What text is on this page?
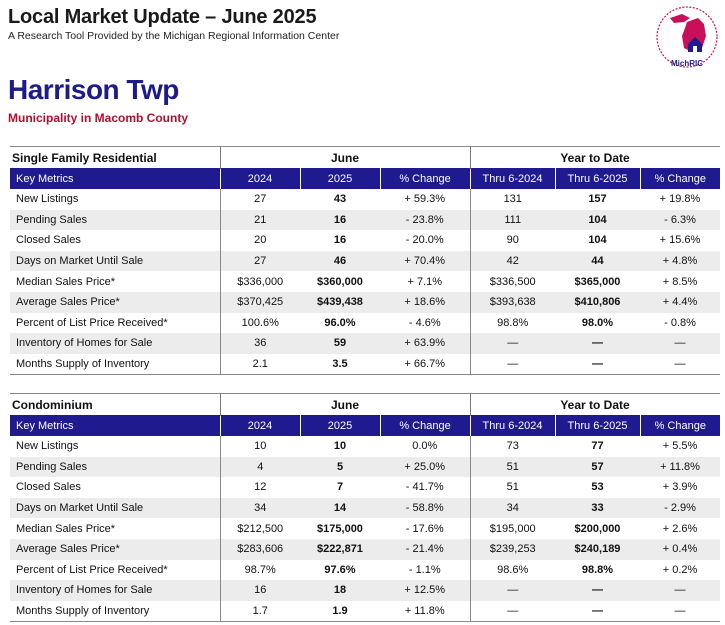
Local Market Update – June 2025
A Research Tool Provided by the Michigan Regional Information Center
MichRIC
Harrison Twp
Municipality in Macomb County
Single Family Residential	June	Year to Date
Key Metrics	2024	2025	% Change	Thru 6-2024	Thru 6-2025	% Change
New Listings	27	43	+ 59.3%	131	157	+ 19.8%
Pending Sales	21	16	- 23.8%	111	104	- 6.3%
Closed Sales	20	16	- 20.0%	90	104	+ 15.6%
Days on Market Until Sale	27	46	+ 70.4%	42	44	+ 4.8%
Median Sales Price*	$336,000	$360,000	+ 7.1%	$336,500	$365,000	+ 8.5%
Average Sales Price*	$370,425	$439,438	+ 18.6%	$393,638	$410,806	+ 4.4%
Percent of List Price Received*	100.6%	96.0%	- 4.6%	98.8%	98.0%	- 0.8%
Inventory of Homes for Sale	36	59	+ 63.9%	—	—	—
Months Supply of Inventory	2.1	3.5	+ 66.7%	—	—	—
Condominium	June	Year to Date
Key Metrics	2024	2025	% Change	Thru 6-2024	Thru 6-2025	% Change
New Listings	10	10	0.0%	73	77	+ 5.5%
Pending Sales	4	5	+ 25.0%	51	57	+ 11.8%
Closed Sales	12	7	- 41.7%	51	53	+ 3.9%
Days on Market Until Sale	34	14	- 58.8%	34	33	- 2.9%
Median Sales Price*	$212,500	$175,000	- 17.6%	$195,000	$200,000	+ 2.6%
Average Sales Price*	$283,606	$222,871	- 21.4%	$239,253	$240,189	+ 0.4%
Percent of List Price Received*	98.7%	97.6%	- 1.1%	98.6%	98.8%	+ 0.2%
Inventory of Homes for Sale	16	18	+ 12.5%	—	—	—
Months Supply of Inventory	1.7	1.9	+ 11.8%	—	—	—
